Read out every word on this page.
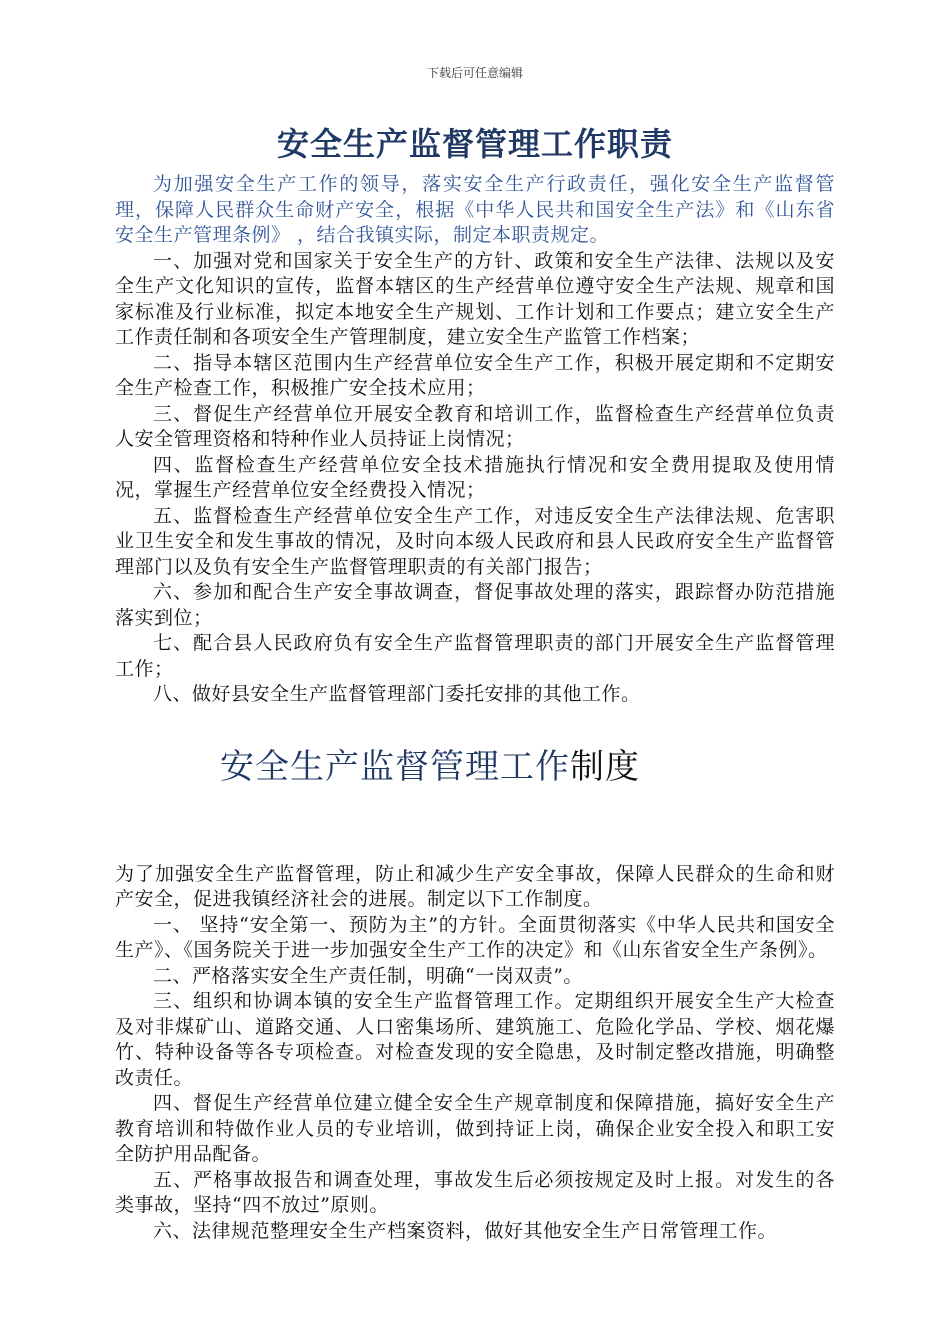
下载后可任意编辑
安全生产监督管理工作职责

为加强安全生产工作的领导，落实安全生产行政责任，强化安全生产监督管理，保障人民群众生命财产安全，根据《中华人民共和国安全生产法》和《山东省安全生产管理条例》 ，结合我镇实际，制定本职责规定。

一、加强对党和国家关于安全生产的方针、政策和安全生产法律、法规以及安全生产文化知识的宣传，监督本辖区的生产经营单位遵守安全生产法规、规章和国家标准及行业标准，拟定本地安全生产规划、工作计划和工作要点；建立安全生产工作责任制和各项安全生产管理制度，建立安全生产监管工作档案；

二、指导本辖区范围内生产经营单位安全生产工作，积极开展定期和不定期安全生产检查工作，积极推广安全技术应用；

三、督促生产经营单位开展安全教育和培训工作，监督检查生产经营单位负责人安全管理资格和特种作业人员持证上岗情况；

四、监督检查生产经营单位安全技术措施执行情况和安全费用提取及使用情况，掌握生产经营单位安全经费投入情况；

五、监督检查生产经营单位安全生产工作，对违反安全生产法律法规、危害职业卫生安全和发生事故的情况，及时向本级人民政府和县人民政府安全生产监督管理部门以及负有安全生产监督管理职责的有关部门报告；

六、参加和配合生产安全事故调查，督促事故处理的落实，跟踪督办防范措施落实到位；

七、配合县人民政府负有安全生产监督管理职责的部门开展安全生产监督管理工作；

八、做好县安全生产监督管理部门委托安排的其他工作。

安全生产监督管理工作制度

为了加强安全生产监督管理，防止和减少生产安全事故，保障人民群众的生命和财产安全，促进我镇经济社会的进展。制定以下工作制度。

一、 坚持“安全第一、预防为主”的方针。全面贯彻落实《中华人民共和国安全生产》、《国务院关于进一步加强安全生产工作的决定》和《山东省安全生产条例》。

二、严格落实安全生产责任制，明确“一岗双责”。

三、组织和协调本镇的安全生产监督管理工作。定期组织开展安全生产大检查及对非煤矿山、道路交通、人口密集场所、建筑施工、危险化学品、学校、烟花爆竹、特种设备等各专项检查。对检查发现的安全隐患，及时制定整改措施，明确整改责任。

四、督促生产经营单位建立健全安全生产规章制度和保障措施，搞好安全生产教育培训和特做作业人员的专业培训，做到持证上岗，确保企业安全投入和职工安全防护用品配备。

五、严格事故报告和调查处理，事故发生后必须按规定及时上报。对发生的各类事故，坚持“四不放过”原则。

六、法律规范整理安全生产档案资料，做好其他安全生产日常管理工作。
